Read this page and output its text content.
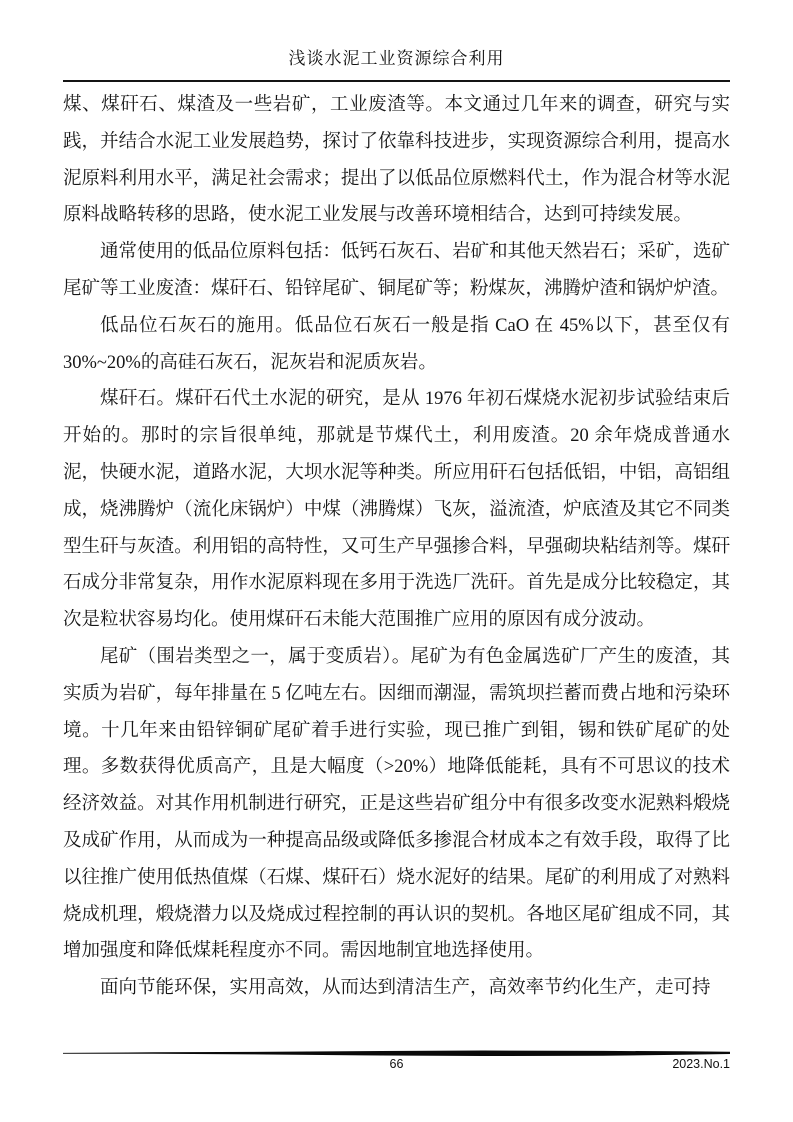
浅谈水泥工业资源综合利用

煤、煤矸石、煤渣及一些岩矿，工业废渣等。本文通过几年来的调查，研究与实践，并结合水泥工业发展趋势，探讨了依靠科技进步，实现资源综合利用，提高水泥原料利用水平，满足社会需求；提出了以低品位原燃料代土，作为混合材等水泥原料战略转移的思路，使水泥工业发展与改善环境相结合，达到可持续发展。

通常使用的低品位原料包括：低钙石灰石、岩矿和其他天然岩石；采矿，选矿尾矿等工业废渣：煤矸石、铅锌尾矿、铜尾矿等；粉煤灰，沸腾炉渣和锅炉炉渣。

低品位石灰石的施用。低品位石灰石一般是指 CaO 在 45%以下，甚至仅有30%~20%的高硅石灰石，泥灰岩和泥质灰岩。

煤矸石。煤矸石代土水泥的研究，是从 1976 年初石煤烧水泥初步试验结束后开始的。那时的宗旨很单纯，那就是节煤代土，利用废渣。20 余年烧成普通水泥，快硬水泥，道路水泥，大坝水泥等种类。所应用矸石包括低铝，中铝，高铝组成，烧沸腾炉（流化床锅炉）中煤（沸腾煤）飞灰，溢流渣，炉底渣及其它不同类型生矸与灰渣。利用铝的高特性，又可生产早强掺合料，早强砌块粘结剂等。煤矸石成分非常复杂，用作水泥原料现在多用于洗选厂洗矸。首先是成分比较稳定，其次是粒状容易均化。使用煤矸石未能大范围推广应用的原因有成分波动。

尾矿（围岩类型之一，属于变质岩）。尾矿为有色金属选矿厂产生的废渣，其实质为岩矿，每年排量在 5 亿吨左右。因细而潮湿，需筑坝拦蓄而费占地和污染环境。十几年来由铅锌铜矿尾矿着手进行实验，现已推广到钼，锡和铁矿尾矿的处理。多数获得优质高产，且是大幅度（>20%）地降低能耗，具有不可思议的技术经济效益。对其作用机制进行研究，正是这些岩矿组分中有很多改变水泥熟料煅烧及成矿作用，从而成为一种提高品级或降低多掺混合材成本之有效手段，取得了比以往推广使用低热值煤（石煤、煤矸石）烧水泥好的结果。尾矿的利用成了对熟料烧成机理，煅烧潜力以及烧成过程控制的再认识的契机。各地区尾矿组成不同，其增加强度和降低煤耗程度亦不同。需因地制宜地选择使用。

面向节能环保，实用高效，从而达到清洁生产，高效率节约化生产，走可持

66	2023.No.1
